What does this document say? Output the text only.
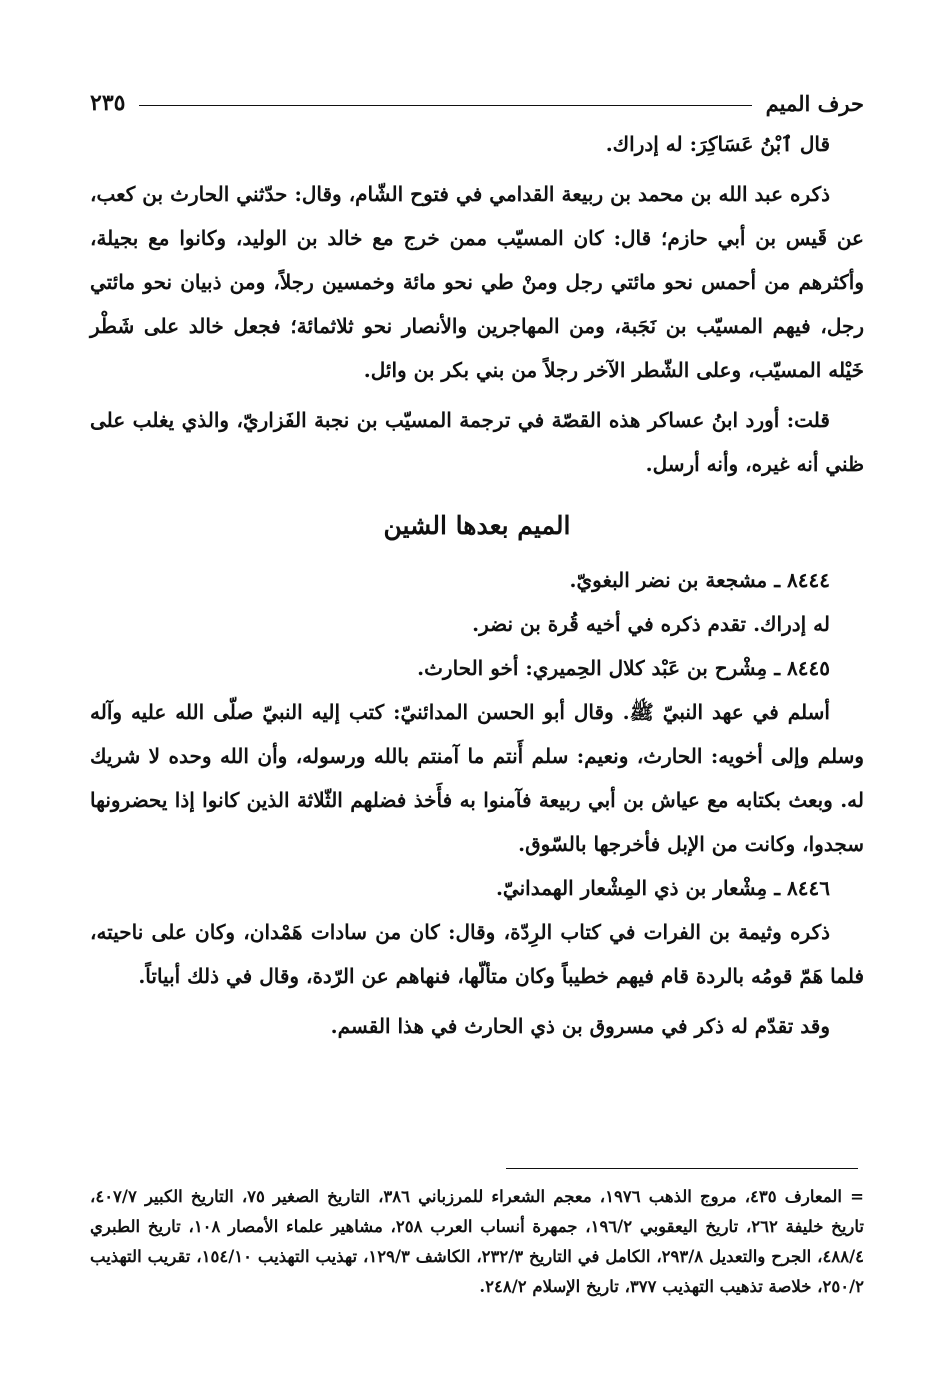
حرف الميم
٢٣٥

قال ٱبْنُ عَسَاكِرَ: له إدراك.

ذكره عبد الله بن محمد بن ربيعة القدامي في فتوح الشّام، وقال: حدّثني الحارث بن كعب، عن قَيس بن أبي حازم؛ قال: كان المسيّب ممن خرج مع خالد بن الوليد، وكانوا مع بجيلة، وأكثرهم من أحمس نحو مائتي رجل ومنْ طي نحو مائة وخمسين رجلاً، ومن ذبيان نحو مائتي رجل، فيهم المسيّب بن نَجَبة، ومن المهاجرين والأنصار نحو ثلاثمائة؛ فجعل خالد على شَطْر خَيْله المسيّب، وعلى الشّطر الآخر رجلاً من بني بكر بن وائل.

قلت: أورد ابنُ عساكر هذه القصّة في ترجمة المسيّب بن نجبة الفَزاريّ، والذي يغلب على ظني أنه غيره، وأنه أرسل.

الميم بعدها الشين

٨٤٤٤ ـ مشجعة بن نضر البغويّ.

له إدراك. تقدم ذكره في أخيه قُرة بن نضر.

٨٤٤٥ ـ مِشْرح بن عَبْد كلال الحِميري: أخو الحارث.

أسلم في عهد النبيّ ﷺ. وقال أبو الحسن المدائنيّ: كتب إليه النبيّ صلّى الله عليه وآله وسلم وإلى أخويه: الحارث، ونعيم: سلم أَنتم ما آمنتم بالله ورسوله، وأن الله وحده لا شريك له. وبعث بكتابه مع عياش بن أبي ربيعة فآمنوا به فأَخذ فضلهم الثّلاثة الذين كانوا إذا يحضرونها سجدوا، وكانت من الإبل فأخرجها بالسّوق.

٨٤٤٦ ـ مِشْعار بن ذي المِشْعار الهمدانيّ.

ذكره وثيمة بن الفرات في كتاب الرِدّة، وقال: كان من سادات هَمْدان، وكان على ناحيته، فلما هَمّ قومُه بالردة قام فيهم خطيباً وكان متألّها، فنهاهم عن الرّدة، وقال في ذلك أبياتاً.

وقد تقدّم له ذكر في مسروق بن ذي الحارث في هذا القسم.

=المعارف ٤٣٥، مروج الذهب ١٩٧٦، معجم الشعراء للمرزباني ٣٨٦، التاريخ الصغير ٧٥، التاريخ الكبير ٤٠٧/٧، تاريخ خليفة ٢٦٢، تاريخ اليعقوبي ١٩٦/٢، جمهرة أنساب العرب ٢٥٨، مشاهير علماء الأمصار ١٠٨، تاريخ الطبري ٤٨٨/٤، الجرح والتعديل ٢٩٣/٨، الكامل في التاريخ ٢٣٢/٣، الكاشف ١٢٩/٣، تهذيب التهذيب ١٥٤/١٠، تقريب التهذيب ٢٥٠/٢، خلاصة تذهيب التهذيب ٣٧٧، تاريخ الإسلام ٢٤٨/٢.
